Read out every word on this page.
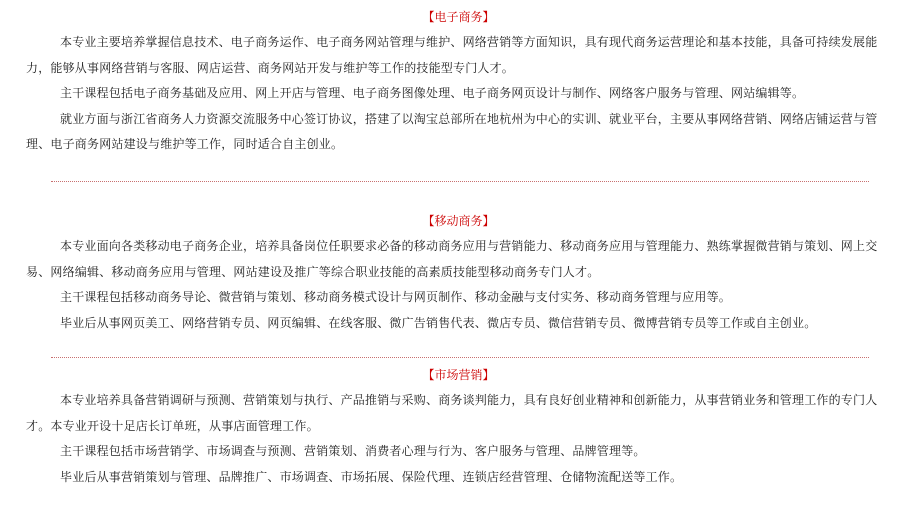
【电子商务】

本专业主要培养掌握信息技术、电子商务运作、电子商务网站管理与维护、网络营销等方面知识，具有现代商务运营理论和基本技能，具备可持续发展能力，能够从事网络营销与客服、网店运营、商务网站开发与维护等工作的技能型专门人才。

主干课程包括电子商务基础及应用、网上开店与管理、电子商务图像处理、电子商务网页设计与制作、网络客户服务与管理、网站编辑等。

就业方面与浙江省商务人力资源交流服务中心签订协议，搭建了以淘宝总部所在地杭州为中心的实训、就业平台，主要从事网络营销、网络店铺运营与管理、电子商务网站建设与维护等工作，同时适合自主创业。

【移动商务】

本专业面向各类移动电子商务企业，培养具备岗位任职要求必备的移动商务应用与营销能力、移动商务应用与管理能力、熟练掌握微营销与策划、网上交易、网络编辑、移动商务应用与管理、网站建设及推广等综合职业技能的高素质技能型移动商务专门人才。

主干课程包括移动商务导论、微营销与策划、移动商务模式设计与网页制作、移动金融与支付实务、移动商务管理与应用等。

毕业后从事网页美工、网络营销专员、网页编辑、在线客服、微广告销售代表、微店专员、微信营销专员、微博营销专员等工作或自主创业。

【市场营销】

本专业培养具备营销调研与预测、营销策划与执行、产品推销与采购、商务谈判能力，具有良好创业精神和创新能力，从事营销业务和管理工作的专门人才。本专业开设十足店长订单班，从事店面管理工作。

主干课程包括市场营销学、市场调查与预测、营销策划、消费者心理与行为、客户服务与管理、品牌管理等。

毕业后从事营销策划与管理、品牌推广、市场调查、市场拓展、保险代理、连锁店经营管理、仓储物流配送等工作。
